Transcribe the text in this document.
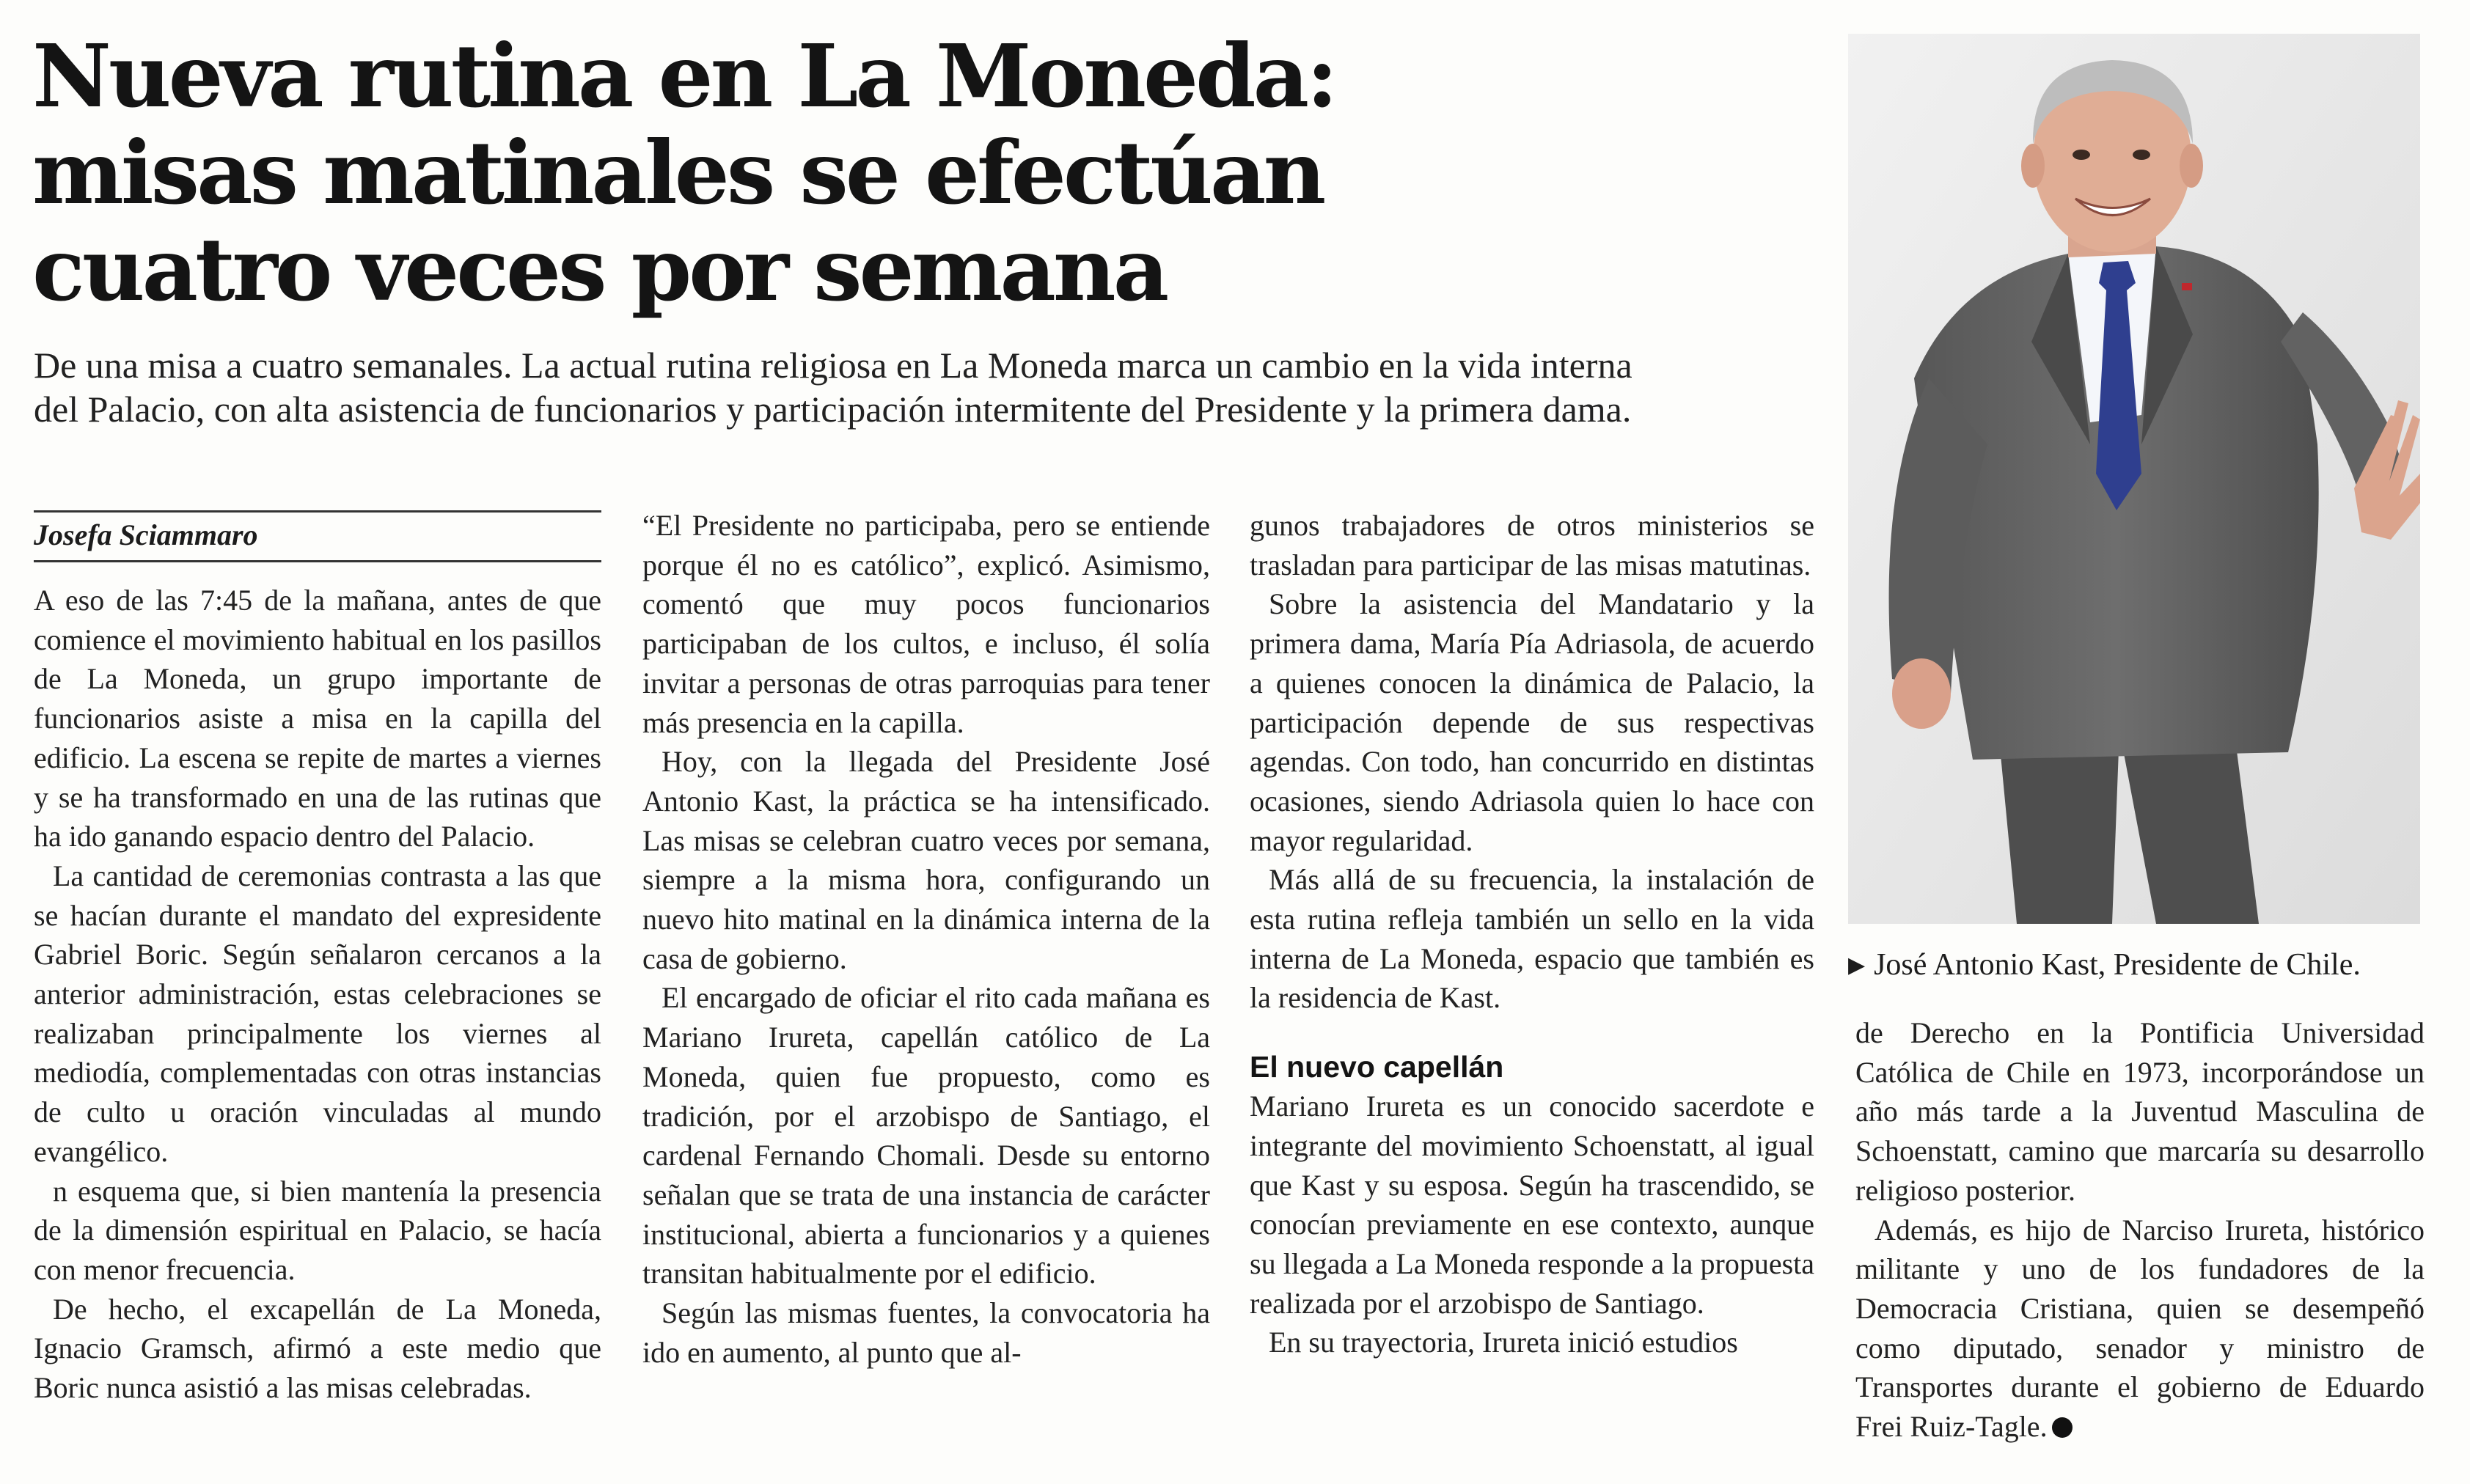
Nueva rutina en La Moneda:
misas matinales se efectúan
cuatro veces por semana

De una misa a cuatro semanales. La actual rutina religiosa en La Moneda marca un cambio en la vida interna
del Palacio, con alta asistencia de funcionarios y participación intermitente del Presidente y la primera dama.

Josefa Sciammaro

A eso de las 7:45 de la mañana, antes de que comience el movimiento habitual en los pasillos de La Moneda, un grupo importante de funcionarios asiste a misa en la capilla del edificio. La escena se repite de martes a viernes y se ha transformado en una de las rutinas que ha ido ganando espacio dentro del Palacio.

La cantidad de ceremonias contrasta a las que se hacían durante el mandato del expresidente Gabriel Boric. Según señalaron cercanos a la anterior administración, estas celebraciones se realizaban principalmente los viernes al mediodía, complementadas con otras instancias de culto u oración vinculadas al mundo evangélico.

n esquema que, si bien mantenía la presencia de la dimensión espiritual en Palacio, se hacía con menor frecuencia.

De hecho, el excapellán de La Moneda, Ignacio Gramsch, afirmó a este medio que Boric nunca asistió a las misas celebradas.

“El Presidente no participaba, pero se entiende porque él no es católico”, explicó. Asimismo, comentó que muy pocos funcionarios participaban de los cultos, e incluso, él solía invitar a personas de otras parroquias para tener más presencia en la capilla.

Hoy, con la llegada del Presidente José Antonio Kast, la práctica se ha intensificado. Las misas se celebran cuatro veces por semana, siempre a la misma hora, configurando un nuevo hito matinal en la dinámica interna de la casa de gobierno.

El encargado de oficiar el rito cada mañana es Mariano Irureta, capellán católico de La Moneda, quien fue propuesto, como es tradición, por el arzobispo de Santiago, el cardenal Fernando Chomali. Desde su entorno señalan que se trata de una instancia de carácter institucional, abierta a funcionarios y a quienes transitan habitualmente por el edificio.

Según las mismas fuentes, la convocatoria ha ido en aumento, al punto que al-

gunos trabajadores de otros ministerios se trasladan para participar de las misas matutinas.

Sobre la asistencia del Mandatario y la primera dama, María Pía Adriasola, de acuerdo a quienes conocen la dinámica de Palacio, la participación depende de sus respectivas agendas. Con todo, han concurrido en distintas ocasiones, siendo Adriasola quien lo hace con mayor regularidad.

Más allá de su frecuencia, la instalación de esta rutina refleja también un sello en la vida interna de La Moneda, espacio que también es la residencia de Kast.

El nuevo capellán

Mariano Irureta es un conocido sacerdote e integrante del movimiento Schoenstatt, al igual que Kast y su esposa. Según ha trascendido, se conocían previamente en ese contexto, aunque su llegada a La Moneda responde a la propuesta realizada por el arzobispo de Santiago.

En su trayectoria, Irureta inició estudios

▶ José Antonio Kast, Presidente de Chile.

de Derecho en la Pontificia Universidad Católica de Chile en 1973, incorporándose un año más tarde a la Juventud Masculina de Schoenstatt, camino que marcaría su desarrollo religioso posterior.

Además, es hijo de Narciso Irureta, histórico militante y uno de los fundadores de la Democracia Cristiana, quien se desempeñó como diputado, senador y ministro de Transportes durante el gobierno de Eduardo Frei Ruiz-Tagle.
